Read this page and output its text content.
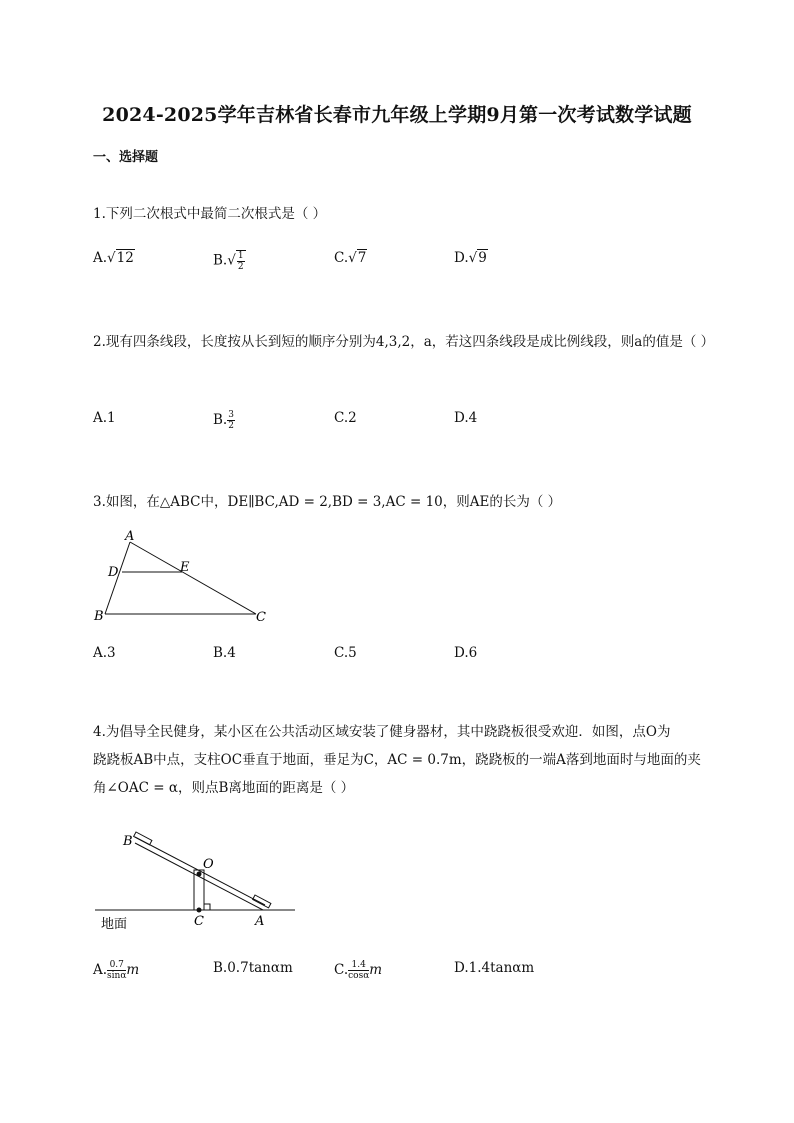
2024-2025学年吉林省长春市九年级上学期9月第一次考试数学试题
一、选择题
1.下列二次根式中最简二次根式是（ ）
A.√12	$B.√ \frac{1}{2}$	C.√7	D.√9
2.现有四条线段，长度按从长到短的顺序分别为4,3,2，a，若这四条线段是成比例线段，则a的值是（ ）
A.1	B. $\frac{3}{2}$	C.2	D.4
3.如图，在△ABC中，DE∥BC,AD = 2,BD = 3,AC = 10，则AE的长为（ ）
A
D	E
B	C
A.3	B.4	C.5	D.6
4.为倡导全民健身，某小区在公共活动区域安装了健身器材，其中跷跷板很受欢迎．如图，点O为
跷跷板AB中点，支柱OC垂直于地面，垂足为C，AC = 0.7m，跷跷板的一端A落到地面时与地面的夹
角∠OAC = α，则点B离地面的距离是（ ）
B
O
C	A
地面
A. $\frac{0.7}{\sin\alpha}$ m	B.0.7tanαm	C. $\frac{1.4}{\cos\alpha}$ m	D.1.4tanαm
